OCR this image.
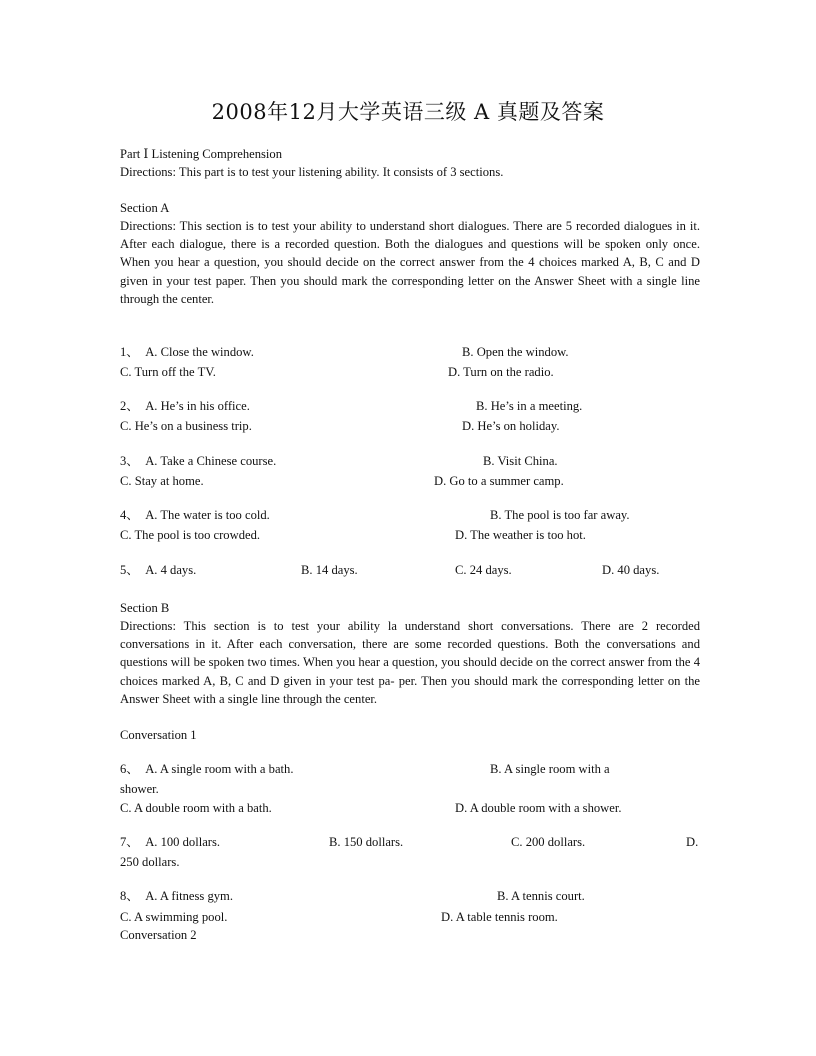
2008年12月大学英语三级 A 真题及答案
Part Ⅰ Listening Comprehension
Directions: This part is to test your listening ability. It consists of 3 sections.
Section A
Directions: This section is to test your ability to understand short dialogues. There are 5 recorded dialogues in it. After each dialogue, there is a recorded question. Both the dialogues and questions will be spoken only once. When you hear a question, you should decide on the correct answer from the 4 choices marked A, B, C and D given in your test paper. Then you should mark the corresponding letter on the Answer Sheet with a single line through the center.
1、  A. Close the window.	B. Open the window.
C. Turn off the TV.	D. Turn on the radio.
2、  A. He’s in his office.	B. He’s in a meeting.
C. He’s on a business trip.	D. He’s on holiday.
3、  A. Take a Chinese course.	B. Visit China.
C. Stay at home.	D. Go to a summer camp.
4、  A. The water is too cold.	B. The pool is too far away.
C. The pool is too crowded.	D. The weather is too hot.
5、  A. 4 days.	B. 14 days.	C. 24 days.	D. 40 days.
Section B
Directions: This section is to test your ability la understand short conversations. There are 2 recorded conversations in it. After each conversation, there are some recorded questions. Both the conversations and questions will be spoken two times. When you hear a question, you should decide on the correct answer from the 4 choices marked A, B, C and D given in your test pa- per. Then you should mark the corresponding letter on the Answer Sheet with a single line through the center.
Conversation 1
6、  A. A single room with a bath.	B. A single room with a
shower.
C. A double room with a bath.	D. A double room with a shower.
7、  A. 100 dollars.	B. 150 dollars.	C. 200 dollars.	D.
250 dollars.
8、  A. A fitness gym.	B. A tennis court.
C. A swimming pool.	D. A table tennis room.
Conversation 2
